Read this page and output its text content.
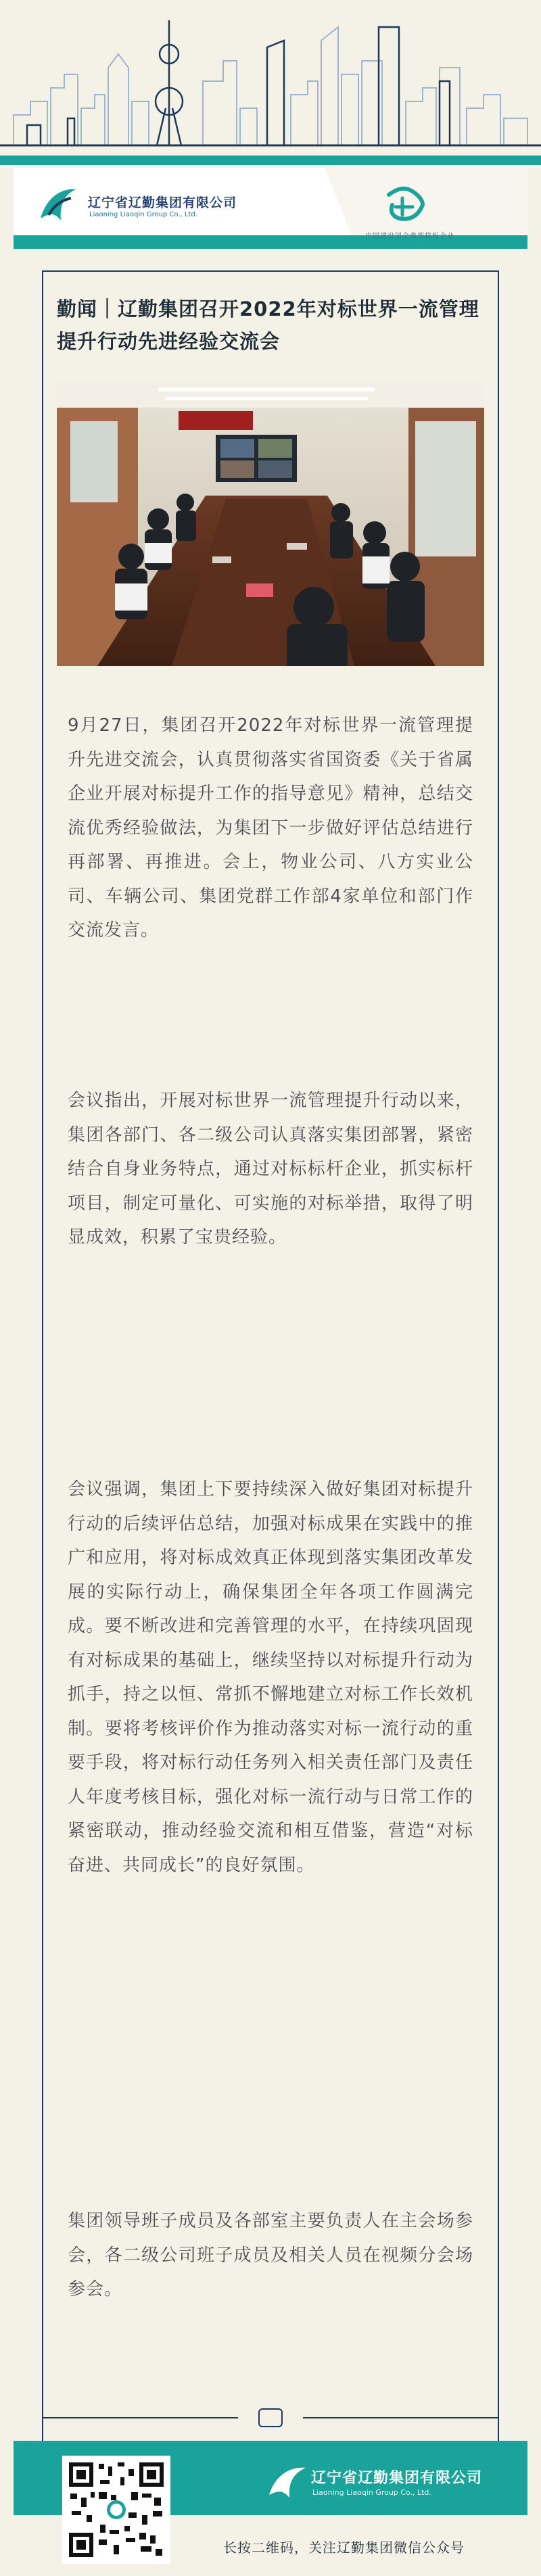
辽宁省辽勤集团有限公司
Liaoning Liaoqin Group Co., Ltd.
中国建设国企典型样板企业
勤闻｜辽勤集团召开2022年对标世界一流管理提升行动先进经验交流会

9月27日，集团召开2022年对标世界一流管理提升先进交流会，认真贯彻落实省国资委《关于省属企业开展对标提升工作的指导意见》精神，总结交流优秀经验做法，为集团下一步做好评估总结进行再部署、再推进。会上，物业公司、八方实业公司、车辆公司、集团党群工作部4家单位和部门作交流发言。

会议指出，开展对标世界一流管理提升行动以来，集团各部门、各二级公司认真落实集团部署，紧密结合自身业务特点，通过对标标杆企业，抓实标杆项目，制定可量化、可实施的对标举措，取得了明显成效，积累了宝贵经验。

会议强调，集团上下要持续深入做好集团对标提升行动的后续评估总结，加强对标成果在实践中的推广和应用，将对标成效真正体现到落实集团改革发展的实际行动上，确保集团全年各项工作圆满完成。要不断改进和完善管理的水平，在持续巩固现有对标成果的基础上，继续坚持以对标提升行动为抓手，持之以恒、常抓不懈地建立对标工作长效机制。要将考核评价作为推动落实对标一流行动的重要手段，将对标行动任务列入相关责任部门及责任人年度考核目标，强化对标一流行动与日常工作的紧密联动，推动经验交流和相互借鉴，营造“对标奋进、共同成长”的良好氛围。

集团领导班子成员及各部室主要负责人在主会场参会，各二级公司班子成员及相关人员在视频分会场参会。

辽宁省辽勤集团有限公司
Liaoning Liaoqin Group Co., Ltd.
长按二维码，关注辽勤集团微信公众号
